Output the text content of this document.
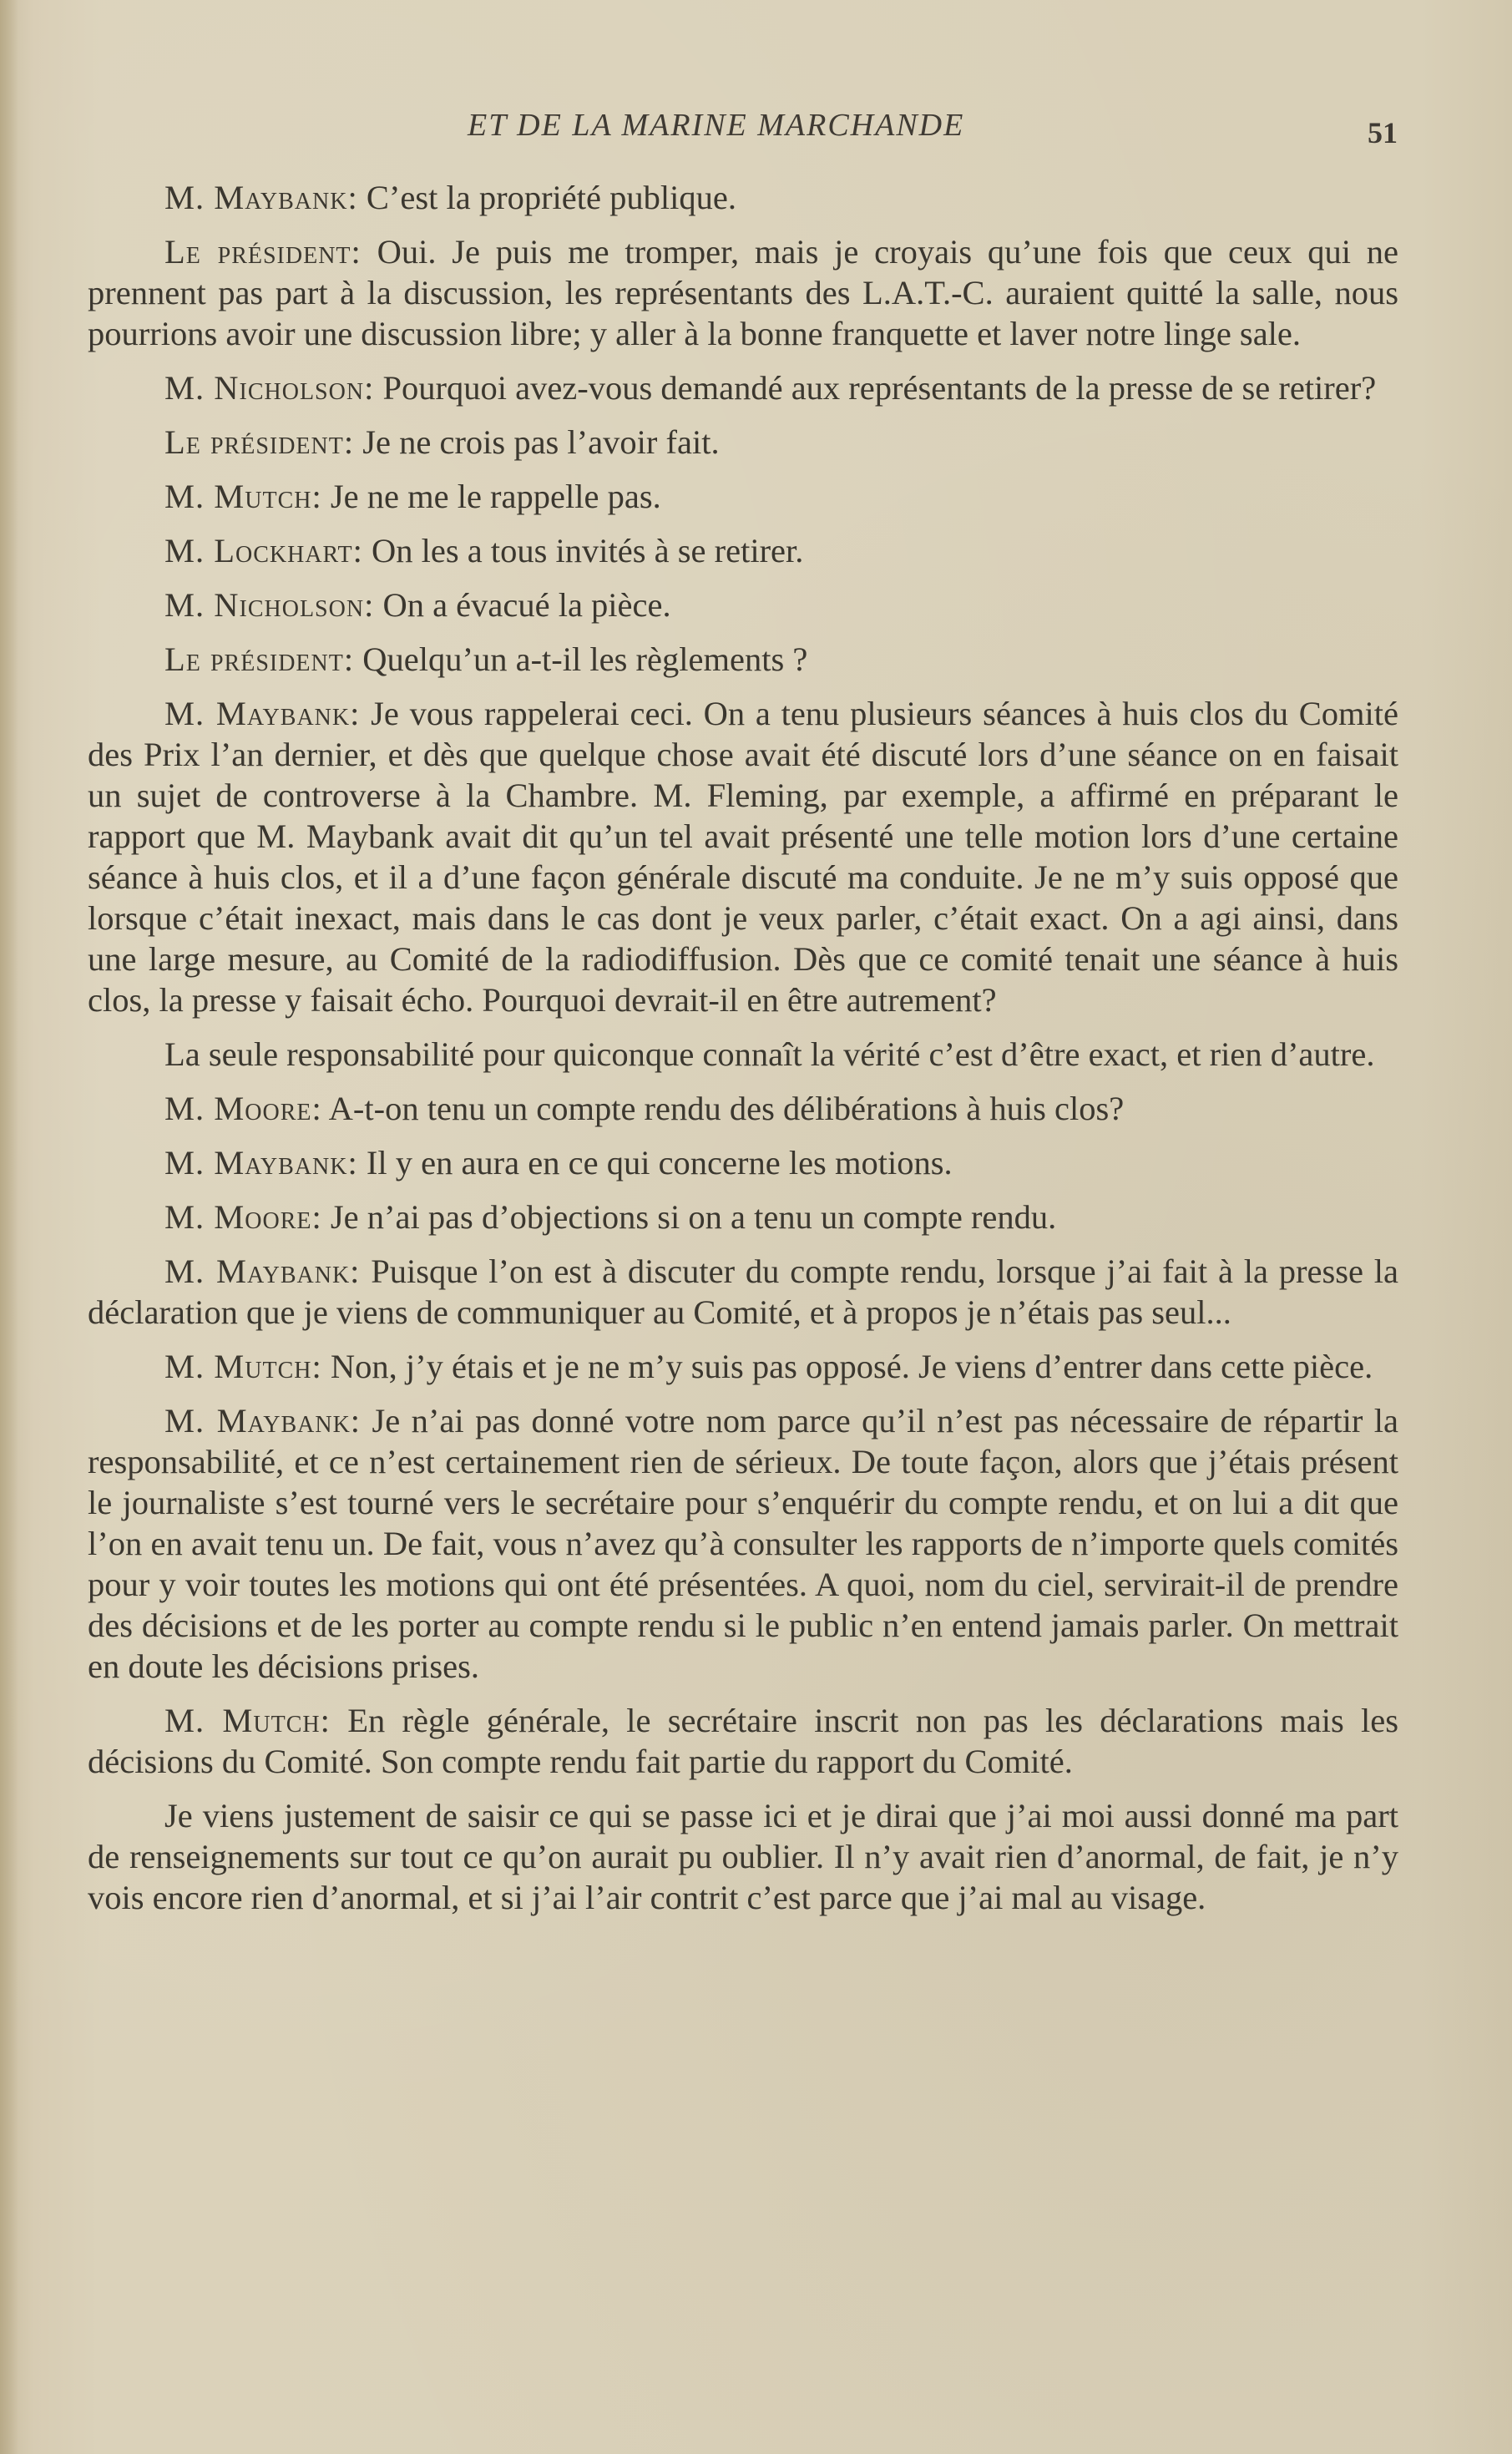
ET DE LA MARINE MARCHANDE	51

M. Maybank: C’est la propriété publique.

Le président: Oui. Je puis me tromper, mais je croyais qu’une fois que ceux qui ne prennent pas part à la discussion, les représentants des L.A.T.-C. auraient quitté la salle, nous pourrions avoir une discussion libre; y aller à la bonne franquette et laver notre linge sale.

M. Nicholson: Pourquoi avez-vous demandé aux représentants de la presse de se retirer?

Le président: Je ne crois pas l’avoir fait.

M. Mutch: Je ne me le rappelle pas.

M. Lockhart: On les a tous invités à se retirer.

M. Nicholson: On a évacué la pièce.

Le président: Quelqu’un a-t-il les règlements ?

M. Maybank: Je vous rappelerai ceci. On a tenu plusieurs séances à huis clos du Comité des Prix l’an dernier, et dès que quelque chose avait été discuté lors d’une séance on en faisait un sujet de controverse à la Chambre. M. Fleming, par exemple, a affirmé en préparant le rapport que M. Maybank avait dit qu’un tel avait présenté une telle motion lors d’une certaine séance à huis clos, et il a d’une façon générale discuté ma conduite. Je ne m’y suis opposé que lorsque c’était inexact, mais dans le cas dont je veux parler, c’était exact. On a agi ainsi, dans une large mesure, au Comité de la radiodiffusion. Dès que ce comité tenait une séance à huis clos, la presse y faisait écho. Pourquoi devrait-il en être autrement?

La seule responsabilité pour quiconque connaît la vérité c’est d’être exact, et rien d’autre.

M. Moore: A-t-on tenu un compte rendu des délibérations à huis clos?

M. Maybank: Il y en aura en ce qui concerne les motions.

M. Moore: Je n’ai pas d’objections si on a tenu un compte rendu.

M. Maybank: Puisque l’on est à discuter du compte rendu, lorsque j’ai fait à la presse la déclaration que je viens de communiquer au Comité, et à propos je n’étais pas seul...

M. Mutch: Non, j’y étais et je ne m’y suis pas opposé. Je viens d’entrer dans cette pièce.

M. Maybank: Je n’ai pas donné votre nom parce qu’il n’est pas nécessaire de répartir la responsabilité, et ce n’est certainement rien de sérieux. De toute façon, alors que j’étais présent le journaliste s’est tourné vers le secrétaire pour s’enquérir du compte rendu, et on lui a dit que l’on en avait tenu un. De fait, vous n’avez qu’à consulter les rapports de n’importe quels comités pour y voir toutes les motions qui ont été présentées. A quoi, nom du ciel, servirait-il de prendre des décisions et de les porter au compte rendu si le public n’en entend jamais parler. On mettrait en doute les décisions prises.

M. Mutch: En règle générale, le secrétaire inscrit non pas les déclarations mais les décisions du Comité. Son compte rendu fait partie du rapport du Comité.

Je viens justement de saisir ce qui se passe ici et je dirai que j’ai moi aussi donné ma part de renseignements sur tout ce qu’on aurait pu oublier. Il n’y avait rien d’anormal, de fait, je n’y vois encore rien d’anormal, et si j’ai l’air contrit c’est parce que j’ai mal au visage.
